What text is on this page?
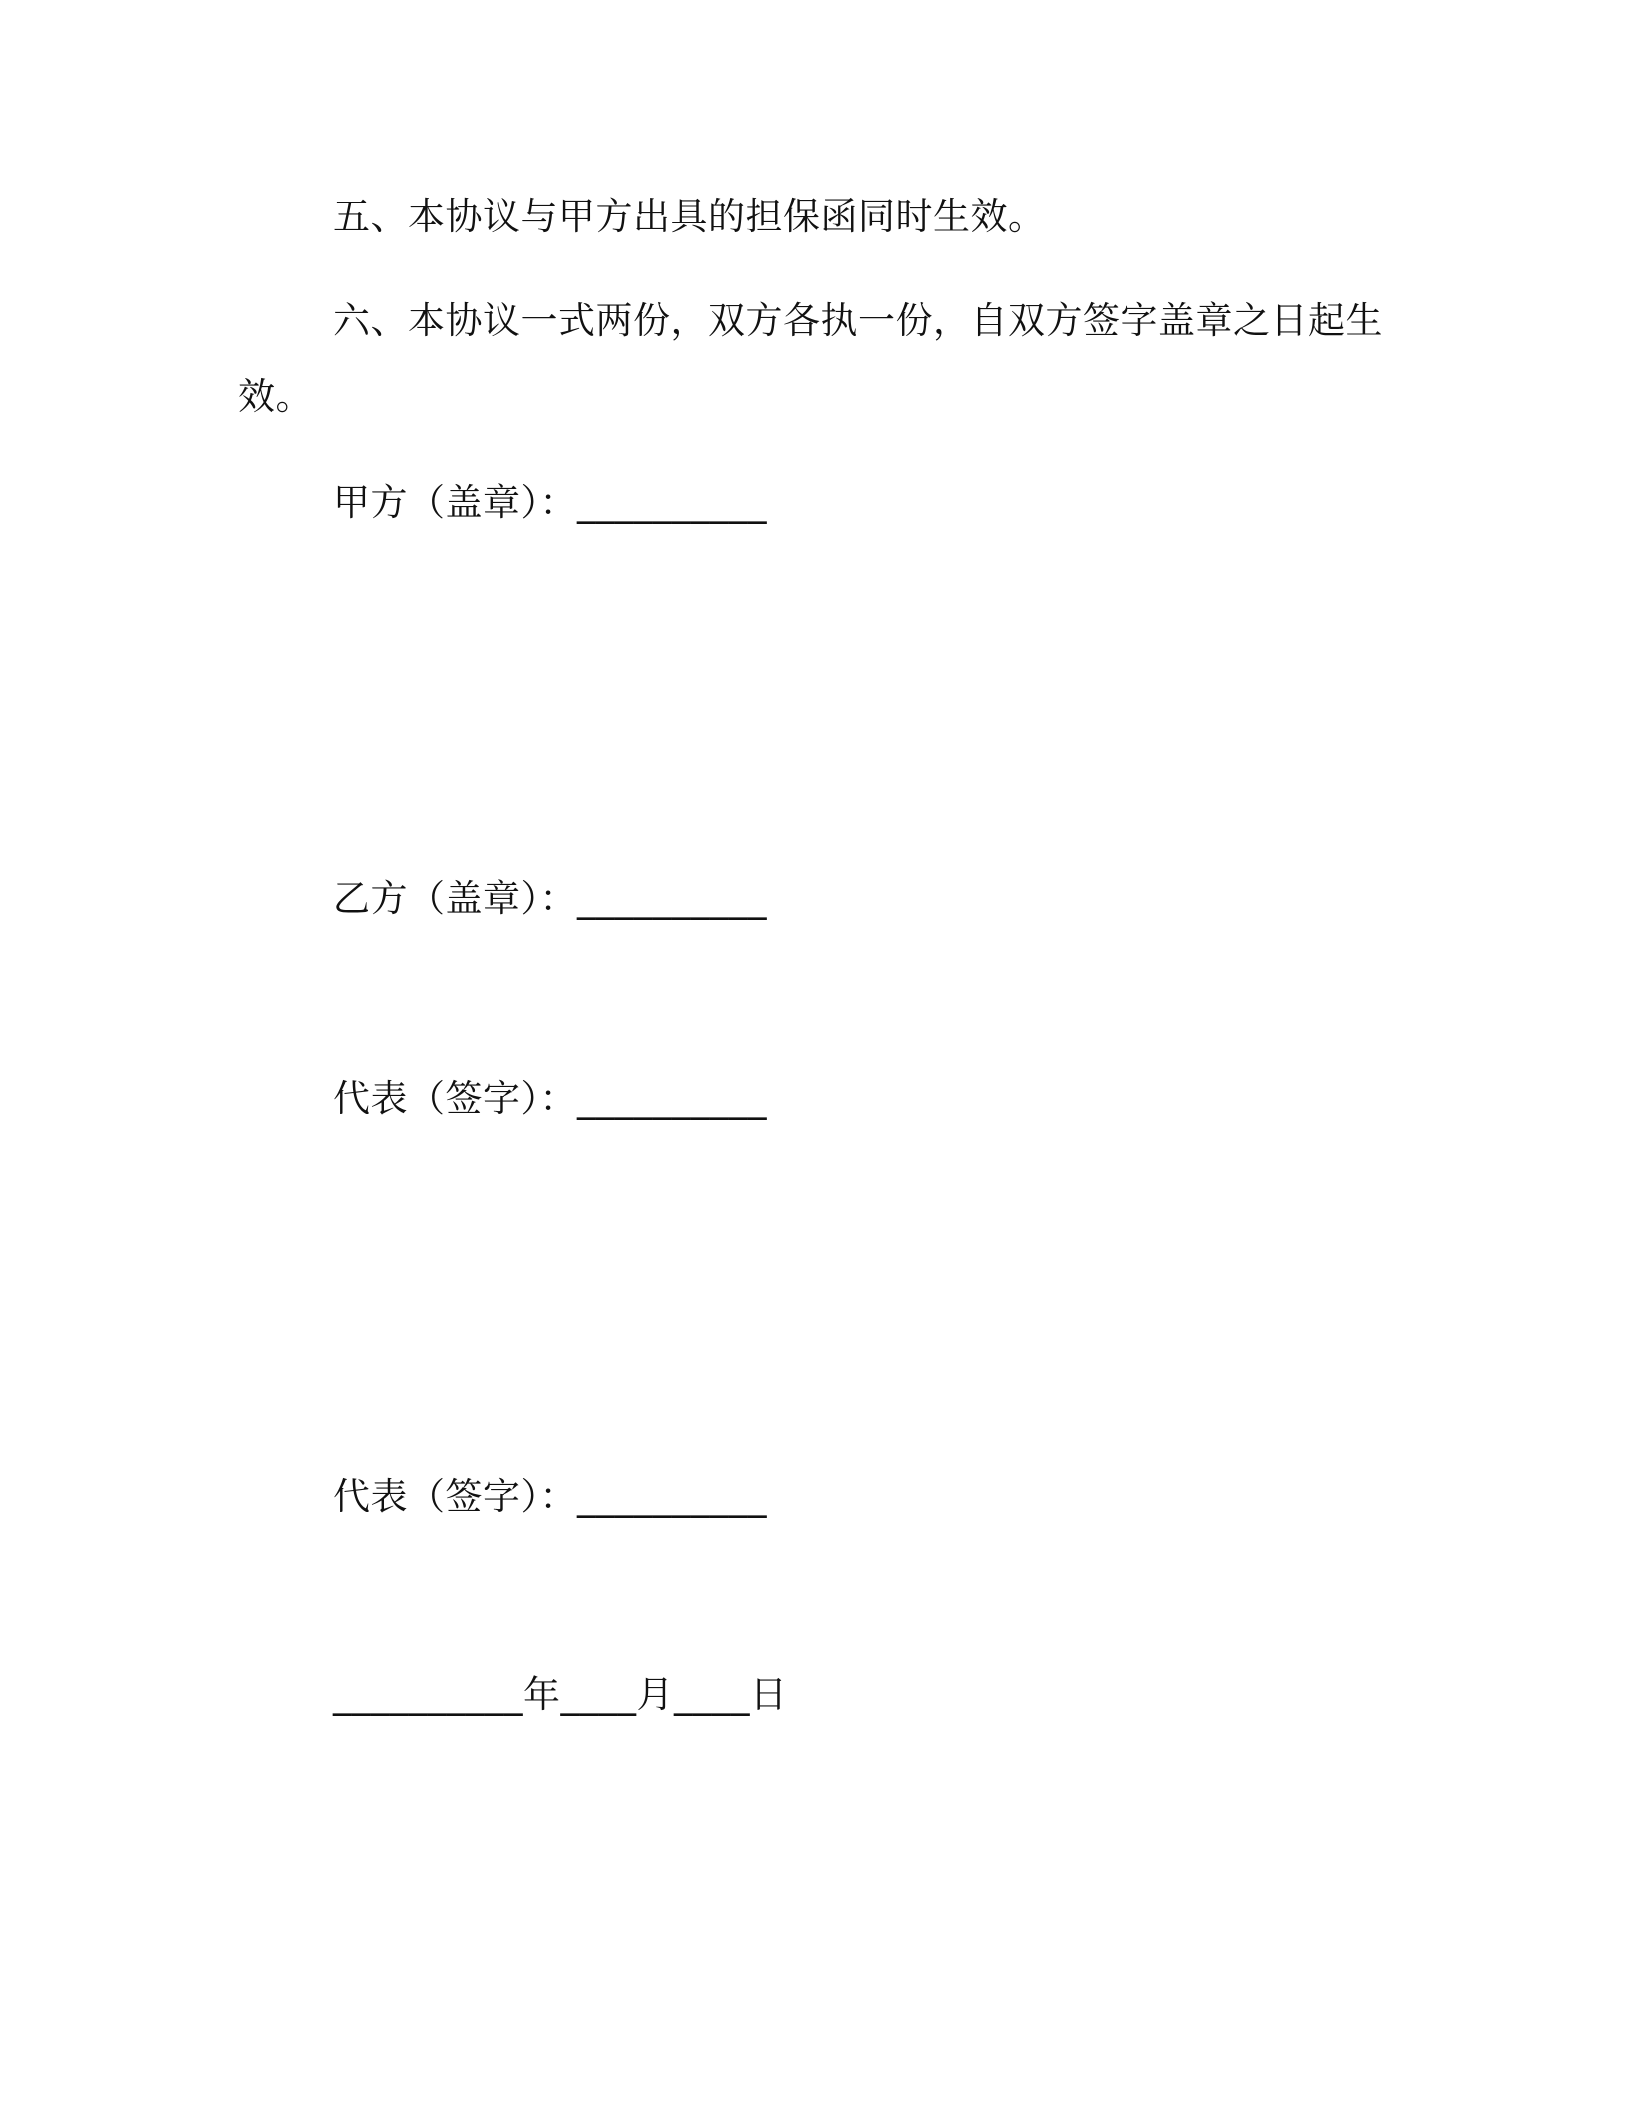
五、本协议与甲方出具的担保函同时生效。
六、本协议一式两份，双方各执一份，自双方签字盖章之日起生
效。
甲方（盖章）：__________
乙方（盖章）：__________
代表（签字）：__________
代表（签字）：__________
__________年____月____日
